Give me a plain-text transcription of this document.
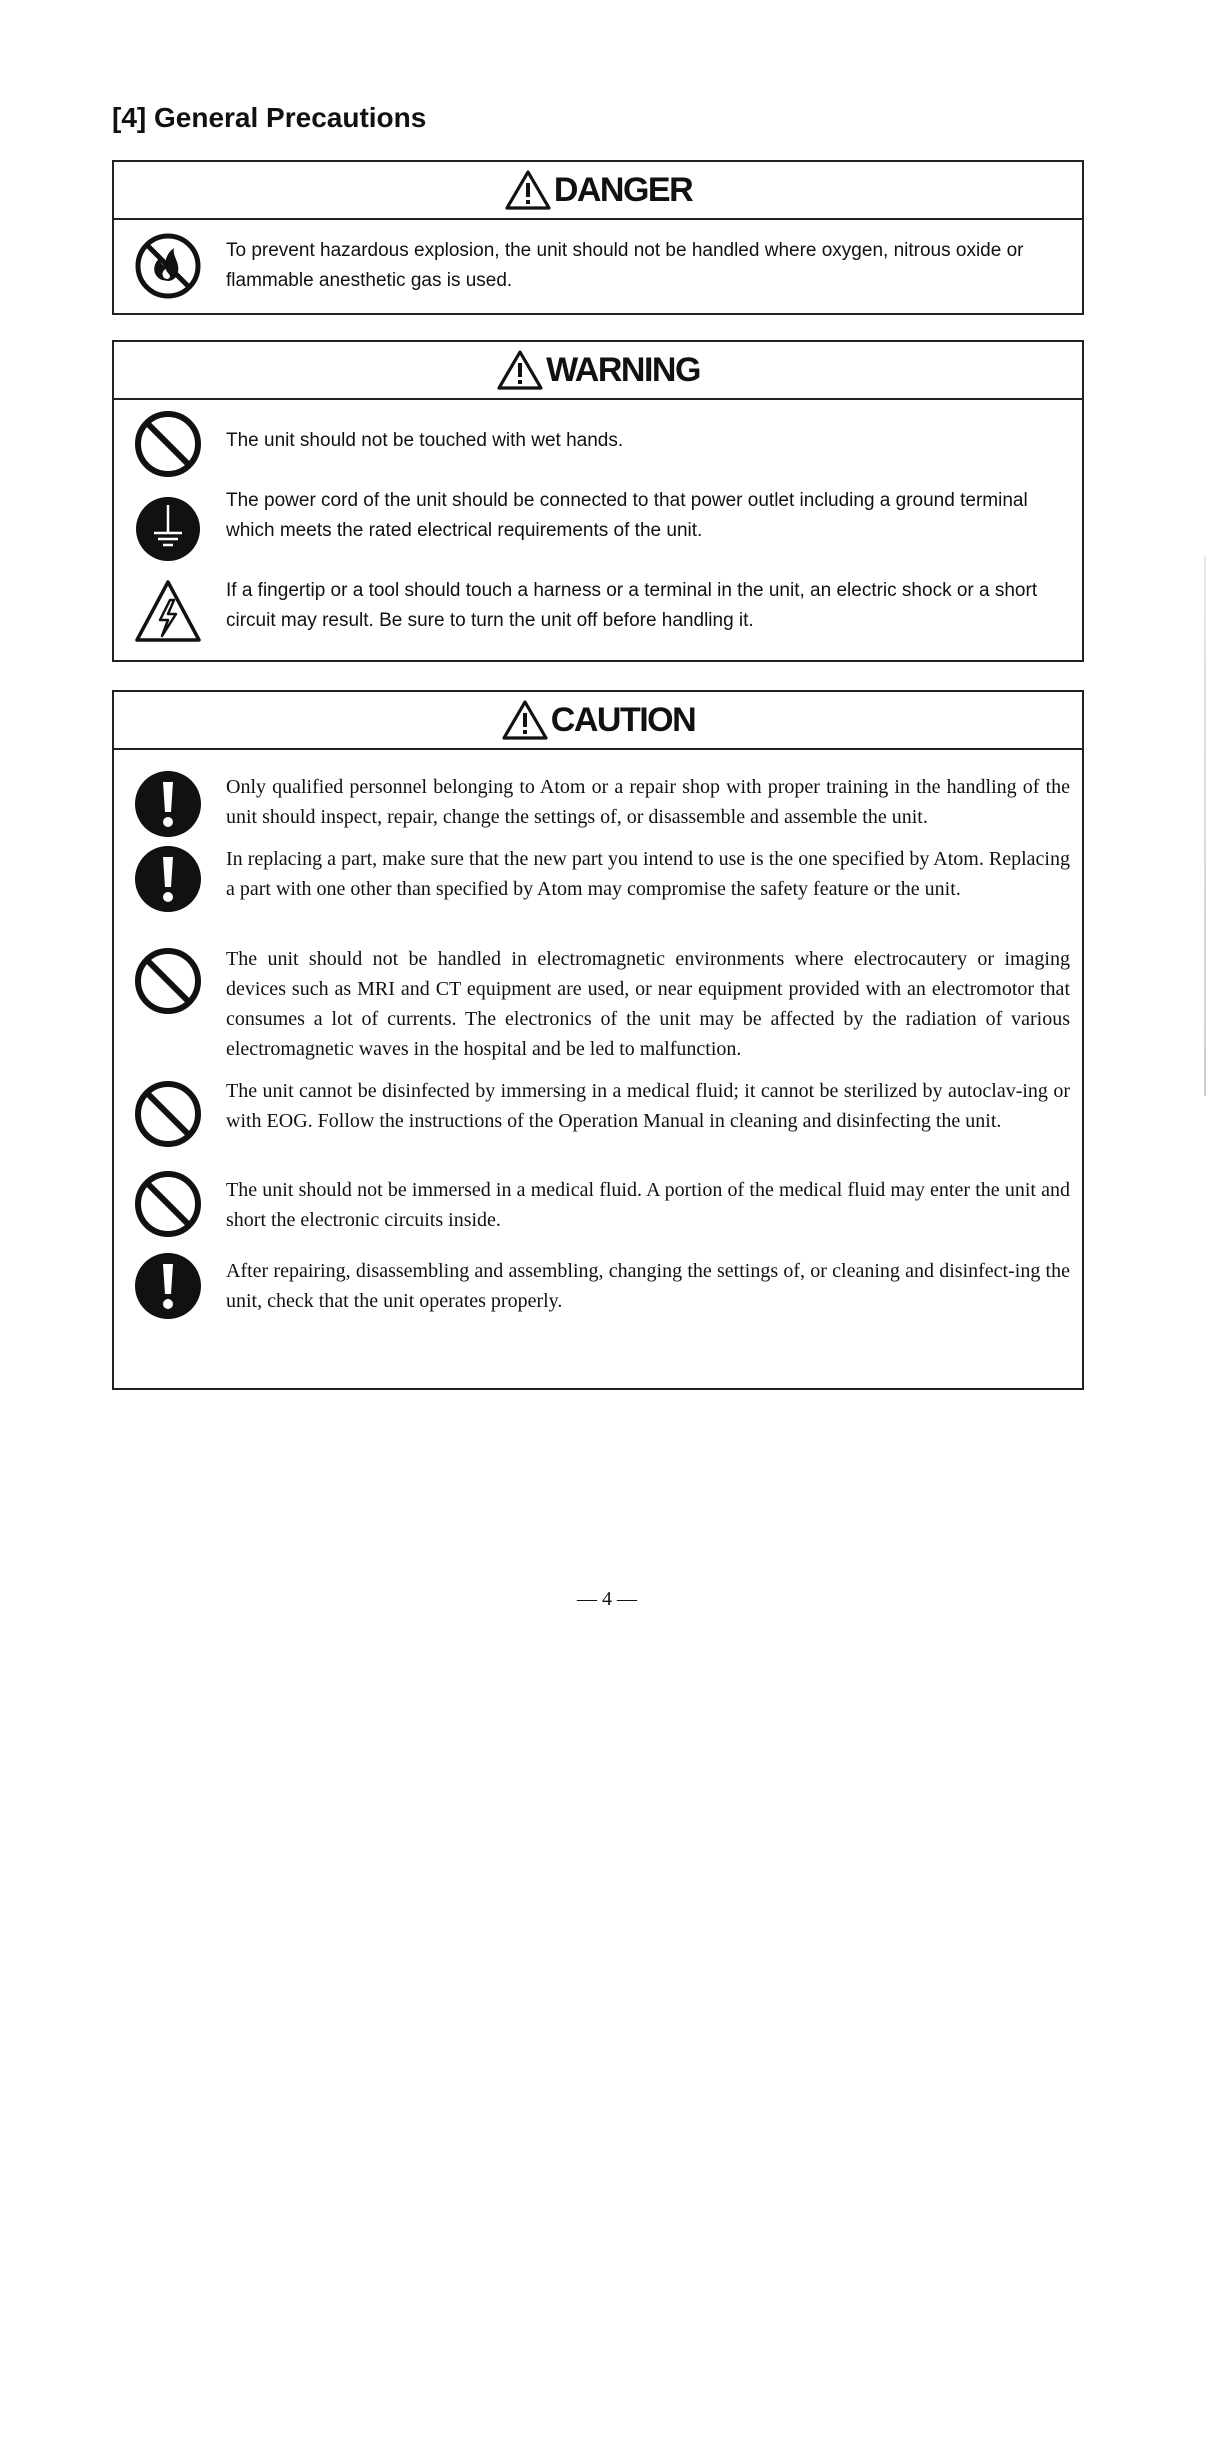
[4] General Precautions
DANGER
To prevent hazardous explosion, the unit should not be handled where oxygen, nitrous oxide or flammable anesthetic gas is used.
WARNING
The unit should not be touched with wet hands.
The power cord of the unit should be connected to that power outlet including a ground terminal which meets the rated electrical requirements of the unit.
If a fingertip or a tool should touch a harness or a terminal in the unit, an electric shock or a short circuit may result. Be sure to turn the unit off before handling it.
CAUTION
Only qualified personnel belonging to Atom or a repair shop with proper training in the handling of the unit should inspect, repair, change the settings of, or disassemble and assemble the unit.
In replacing a part, make sure that the new part you intend to use is the one specified by Atom. Replacing a part with one other than specified by Atom may compromise the safety feature or the unit.
The unit should not be handled in electromagnetic environments where electrocautery or imaging devices such as MRI and CT equipment are used, or near equipment provided with an electromotor that consumes a lot of currents. The electronics of the unit may be affected by the radiation of various electromagnetic waves in the hospital and be led to malfunction.
The unit cannot be disinfected by immersing in a medical fluid; it cannot be sterilized by autoclav-ing or with EOG. Follow the instructions of the Operation Manual in cleaning and disinfecting the unit.
The unit should not be immersed in a medical fluid. A portion of the medical fluid may enter the unit and short the electronic circuits inside.
After repairing, disassembling and assembling, changing the settings of, or cleaning and disinfect-ing the unit, check that the unit operates properly.
— 4 —
